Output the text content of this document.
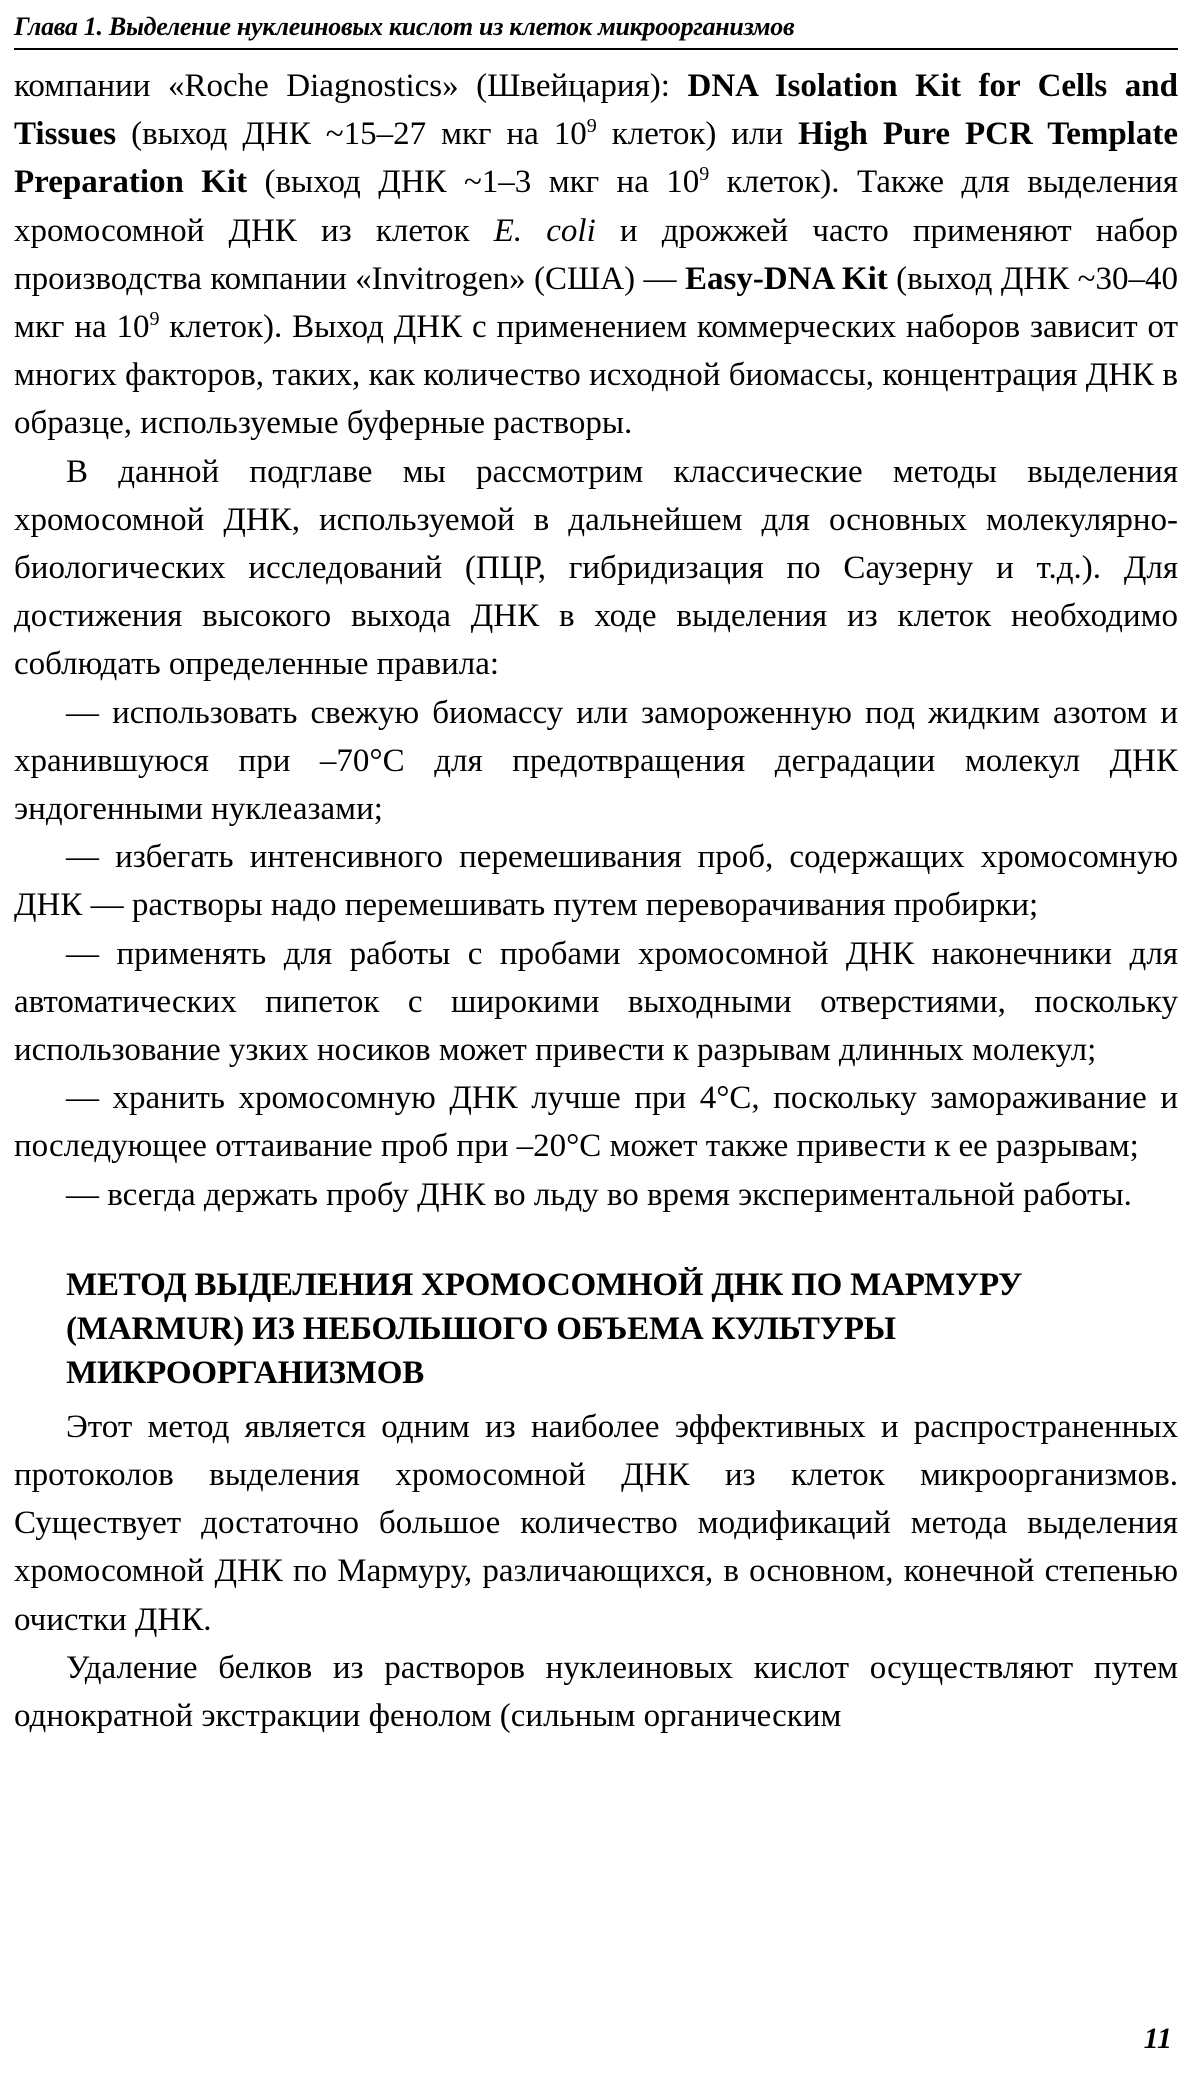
Глава 1. Выделение нуклеиновых кислот из клеток микроорганизмов

компании «Roche Diagnostics» (Швейцария): DNA Isolation Kit for Cells and Tissues (выход ДНК ~15–27 мкг на $10^9$ клеток) или High Pure PCR Template Preparation Kit (выход ДНК ~1–3 мкг на $10^9$ клеток). Также для выделения хромосомной ДНК из клеток E. coli и дрожжей часто применяют набор производства компании «Invitrogen» (США) — Easy-DNA Kit (выход ДНК ~30–40 мкг на $10^9$ клеток). Выход ДНК с применением коммерческих наборов зависит от многих факторов, таких, как количество исходной биомассы, концентрация ДНК в образце, используемые буферные растворы.

В данной подглаве мы рассмотрим классические методы выделения хромосомной ДНК, используемой в дальнейшем для основных молекулярно-биологических исследований (ПЦР, гибридизация по Саузерну и т.д.). Для достижения высокого выхода ДНК в ходе выделения из клеток необходимо соблюдать определенные правила:

— использовать свежую биомассу или замороженную под жидким азотом и хранившуюся при –70°С для предотвращения деградации молекул ДНК эндогенными нуклеазами;

— избегать интенсивного перемешивания проб, содержащих хромосомную ДНК — растворы надо перемешивать путем переворачивания пробирки;

— применять для работы с пробами хромосомной ДНК наконечники для автоматических пипеток с широкими выходными отверстиями, поскольку использование узких носиков может привести к разрывам длинных молекул;

— хранить хромосомную ДНК лучше при 4°С, поскольку замораживание и последующее оттаивание проб при –20°С может также привести к ее разрывам;

— всегда держать пробу ДНК во льду во время экспериментальной работы.

МЕТОД ВЫДЕЛЕНИЯ ХРОМОСОМНОЙ ДНК ПО МАРМУРУ
(MARMUR) ИЗ НЕБОЛЬШОГО ОБЪЕМА КУЛЬТУРЫ
МИКРООРГАНИЗМОВ

Этот метод является одним из наиболее эффективных и распространенных протоколов выделения хромосомной ДНК из клеток микроорганизмов. Существует достаточно большое количество модификаций метода выделения хромосомной ДНК по Мармуру, различающихся, в основном, конечной степенью очистки ДНК.

Удаление белков из растворов нуклеиновых кислот осуществляют путем однократной экстракции фенолом (сильным органическим

11
